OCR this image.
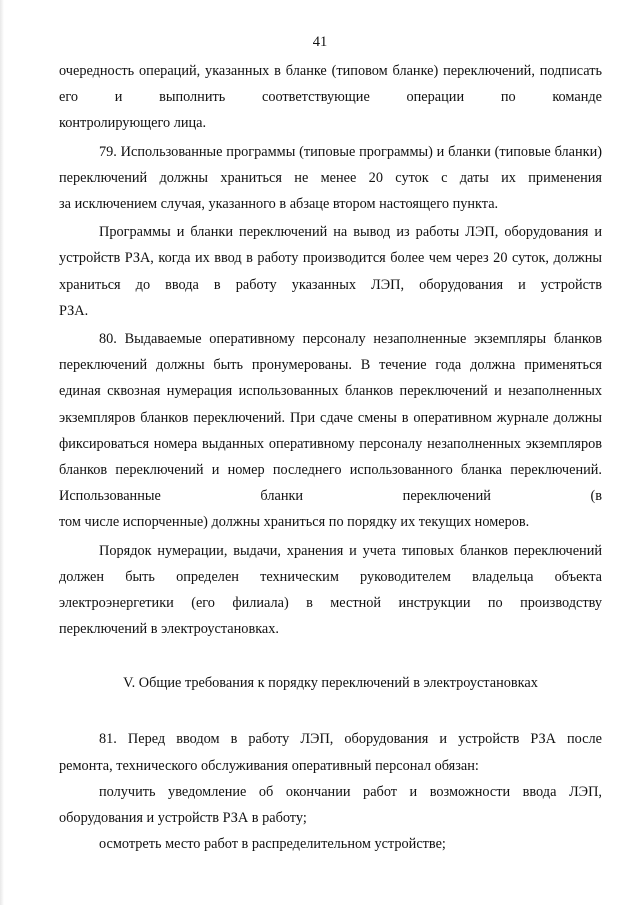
41

очередность операций, указанных в бланке (типовом бланке) переключений, подписать его и выполнить соответствующие операции по команде

контролирующего лица.

79. Использованные программы (типовые программы) и бланки (типовые бланки) переключений должны храниться не менее 20 суток с даты их применения

за исключением случая, указанного в абзаце втором настоящего пункта.

Программы и бланки переключений на вывод из работы ЛЭП, оборудования и устройств РЗА, когда их ввод в работу производится более чем через 20 суток, должны храниться до ввода в работу указанных ЛЭП, оборудования и устройств

РЗА.

80. Выдаваемые оперативному персоналу незаполненные экземпляры бланков переключений должны быть пронумерованы. В течение года должна применяться единая сквозная нумерация использованных бланков переключений и незаполненных экземпляров бланков переключений. При сдаче смены в оперативном журнале должны фиксироваться номера выданных оперативному персоналу незаполненных экземпляров бланков переключений и номер последнего использованного бланка переключений. Использованные бланки переключений (в

том числе испорченные) должны храниться по порядку их текущих номеров.

Порядок нумерации, выдачи, хранения и учета типовых бланков переключений должен быть определен техническим руководителем владельца объекта электроэнергетики (его филиала) в местной инструкции по производству

переключений в электроустановках.

V. Общие требования к порядку переключений в электроустановках

81. Перед вводом в работу ЛЭП, оборудования и устройств РЗА после

ремонта, технического обслуживания оперативный персонал обязан:

получить уведомление об окончании работ и возможности ввода ЛЭП,

оборудования и устройств РЗА в работу;

осмотреть место работ в распределительном устройстве;
